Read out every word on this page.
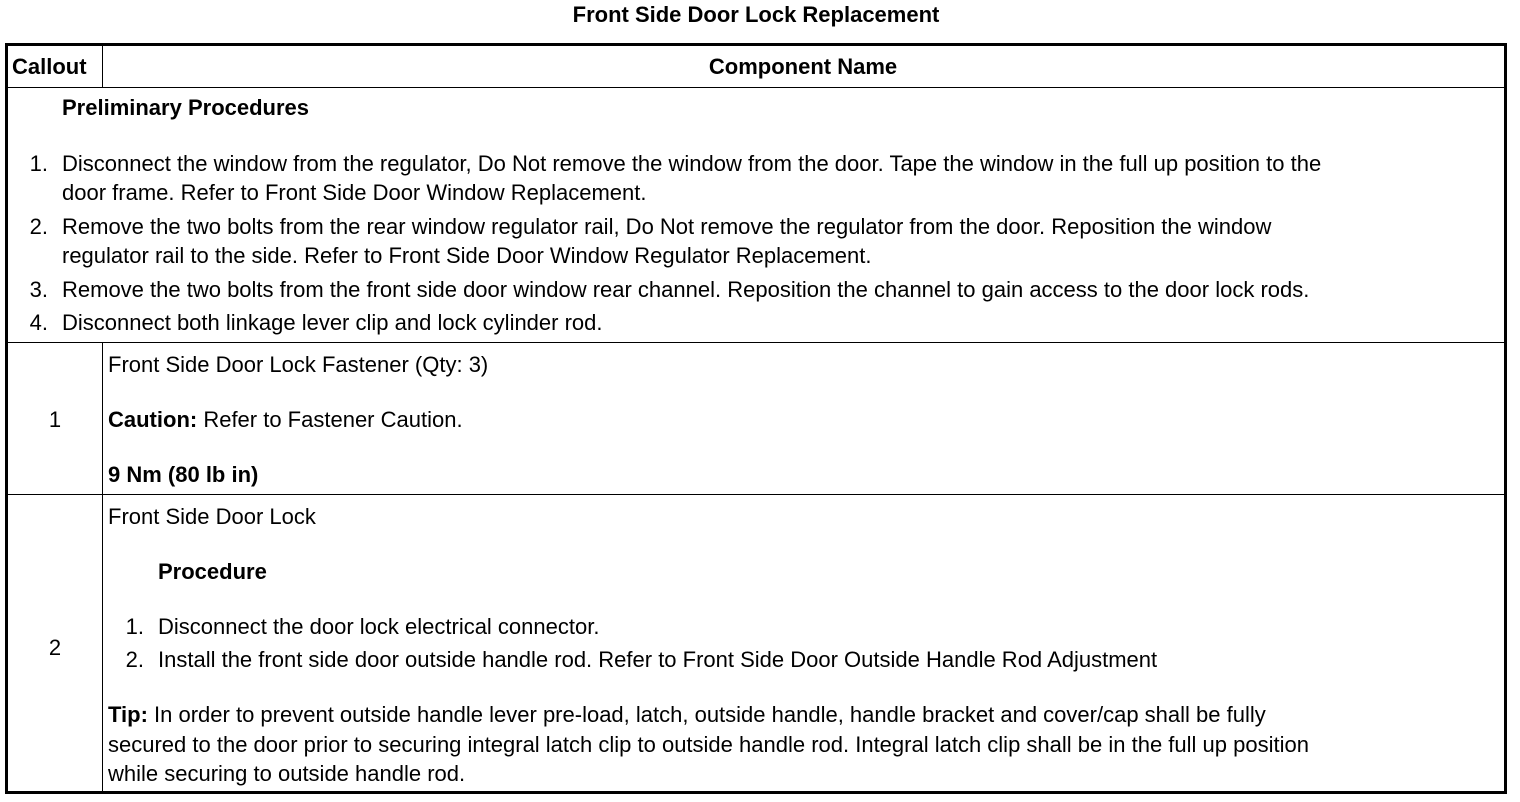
Front Side Door Lock Replacement
Callout	Component Name
Preliminary Procedures
1. Disconnect the window from the regulator, Do Not remove the window from the door. Tape the window in the full up position to the
door frame. Refer to Front Side Door Window Replacement.
2. Remove the two bolts from the rear window regulator rail, Do Not remove the regulator from the door. Reposition the window
regulator rail to the side. Refer to Front Side Door Window Regulator Replacement.
3. Remove the two bolts from the front side door window rear channel. Reposition the channel to gain access to the door lock rods.
4. Disconnect both linkage lever clip and lock cylinder rod.
1
Front Side Door Lock Fastener (Qty: 3)
Caution: Refer to Fastener Caution.
9 Nm (80 lb in)
2
Front Side Door Lock
Procedure
1. Disconnect the door lock electrical connector.
2. Install the front side door outside handle rod. Refer to Front Side Door Outside Handle Rod Adjustment
Tip: In order to prevent outside handle lever pre-load, latch, outside handle, handle bracket and cover/cap shall be fully
secured to the door prior to securing integral latch clip to outside handle rod. Integral latch clip shall be in the full up position
while securing to outside handle rod.
